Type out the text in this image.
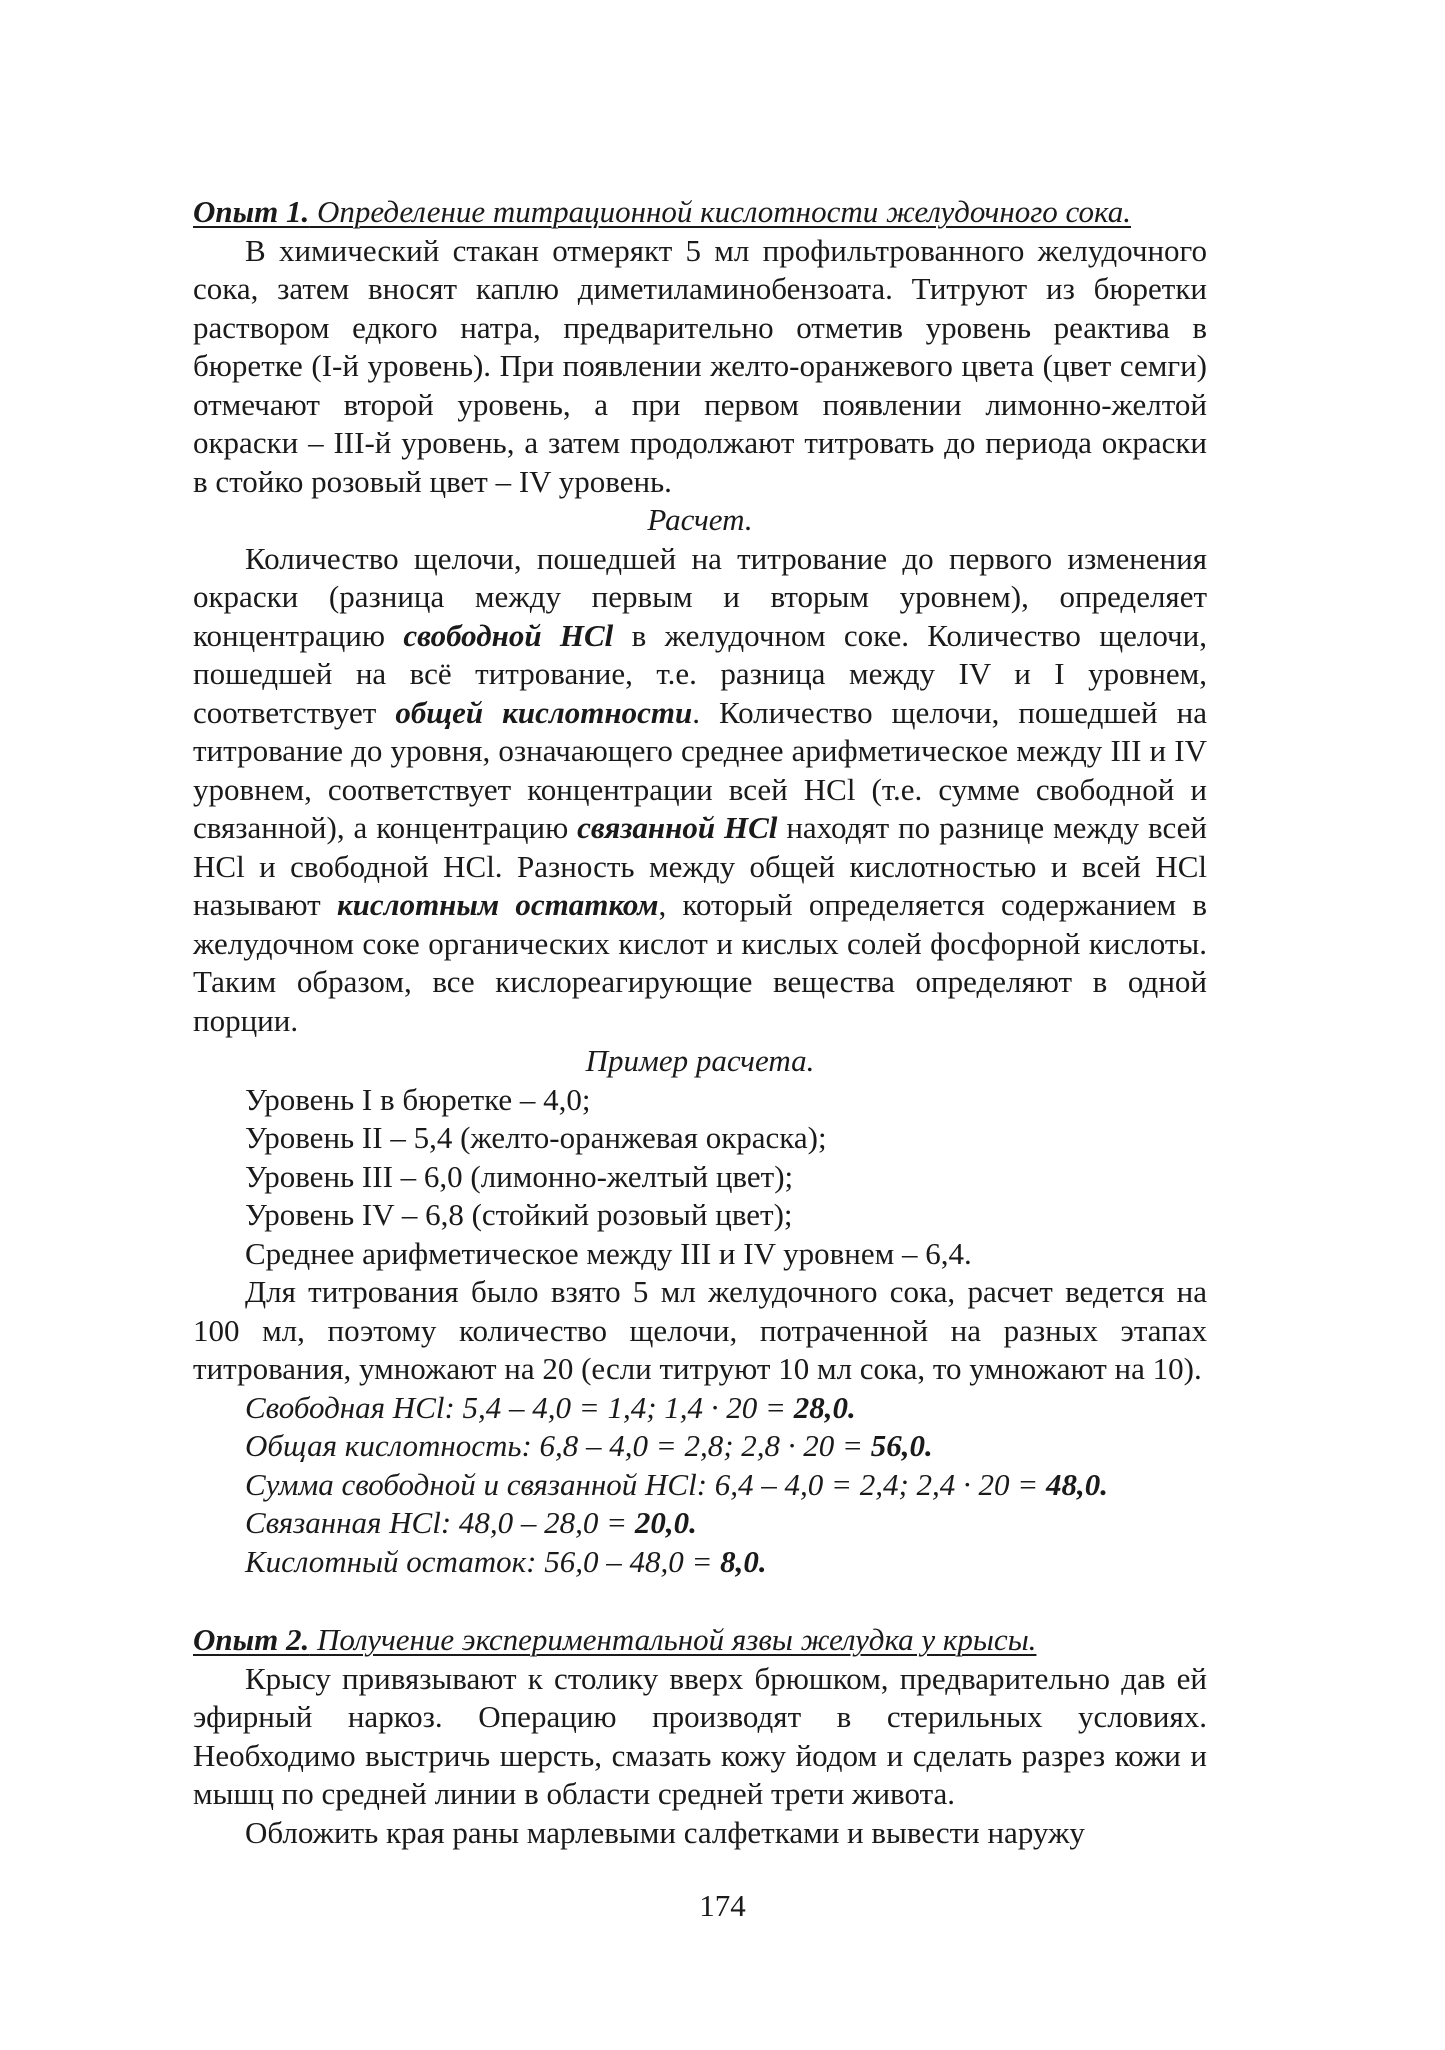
Опыт 1. Определение титрационной кислотности желудочного сока.

В химический стакан отмерякт 5 мл профильтрованного желудочного сока, затем вносят каплю диметиламинобензоата. Титруют из бюретки раствором едкого натра, предварительно отметив уровень реактива в бюретке (I-й уровень). При появлении желто-оранжевого цвета (цвет семги) отмечают второй уровень, а при первом появлении лимонно-желтой окраски – III-й уровень, а затем продолжают титровать до периода окраски в стойко розовый цвет – IV уровень.

Расчет.

Количество щелочи, пошедшей на титрование до первого изменения окраски (разница между первым и вторым уровнем), определяет концентрацию свободной НСl в желудочном соке. Количество щелочи, пошедшей на всё титрование, т.е. разница между IV и I уровнем, соответствует общей кислотности. Количество щелочи, пошедшей на титрование до уровня, означающего среднее арифметическое между III и IV уровнем, соответствует концентрации всей НСl (т.е. сумме свободной и связанной), а концентрацию связанной НСl находят по разнице между всей НСl и свободной НСl. Разность между общей кислотностью и всей НСl называют кислотным остатком, который определяется содержанием в желудочном соке органических кислот и кислых солей фосфорной кислоты. Таким образом, все кислореагирующие вещества определяют в одной порции.

Пример расчета.

Уровень I в бюретке – 4,0;

Уровень II – 5,4 (желто-оранжевая окраска);

Уровень III – 6,0 (лимонно-желтый цвет);

Уровень IV – 6,8 (стойкий розовый цвет);

Среднее арифметическое между III и IV уровнем – 6,4.

Для титрования было взято 5 мл желудочного сока, расчет ведется на 100 мл, поэтому количество щелочи, потраченной на разных этапах титрования, умножают на 20 (если титруют 10 мл сока, то умножают на 10).

Свободная НСl: 5,4 – 4,0 = 1,4; 1,4 · 20 = 28,0.

Общая кислотность: 6,8 – 4,0 = 2,8; 2,8 · 20 = 56,0.

Сумма свободной и связанной НСl: 6,4 – 4,0 = 2,4; 2,4 · 20 = 48,0.

Связанная НСl: 48,0 – 28,0 = 20,0.

Кислотный остаток: 56,0 – 48,0 = 8,0.

Опыт 2. Получение экспериментальной язвы желудка у крысы.

Крысу привязывают к столику вверх брюшком, предварительно дав ей эфирный наркоз. Операцию производят в стерильных условиях. Необходимо выстричь шерсть, смазать кожу йодом и сделать разрез кожи и мышц по средней линии в области средней трети живота.

Обложить края раны марлевыми салфетками и вывести наружу

174
